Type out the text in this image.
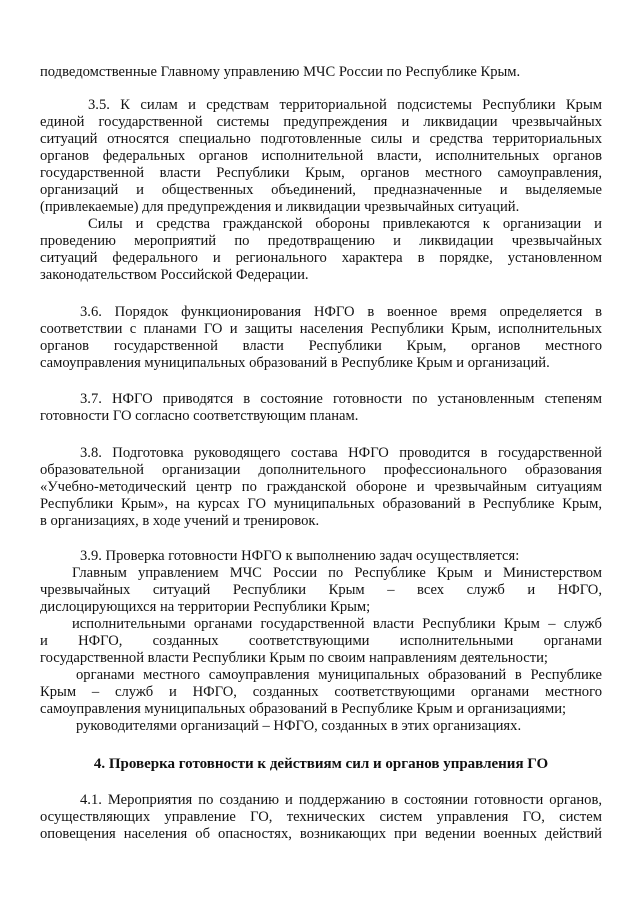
подведомственные Главному управлению МЧС России по Республике Крым.
3.5. К силам и средствам территориальной подсистемы Республики Крым
единой государственной системы предупреждения и ликвидации чрезвычайных
ситуаций относятся специально подготовленные силы и средства территориальных
органов федеральных органов исполнительной власти, исполнительных органов
государственной власти Республики Крым, органов местного самоуправления,
организаций и общественных объединений, предназначенные и выделяемые
(привлекаемые) для предупреждения и ликвидации чрезвычайных ситуаций.
Силы и средства гражданской обороны привлекаются к организации и
проведению мероприятий по предотвращению и ликвидации чрезвычайных
ситуаций федерального и регионального характера в порядке, установленном
законодательством Российской Федерации.
3.6. Порядок функционирования НФГО в военное время определяется в
соответствии с планами ГО и защиты населения Республики Крым, исполнительных
органов государственной власти Республики Крым, органов местного
самоуправления муниципальных образований в Республике Крым и организаций.
3.7. НФГО приводятся в состояние готовности по установленным степеням
готовности ГО согласно соответствующим планам.
3.8. Подготовка руководящего состава НФГО проводится в государственной
образовательной организации дополнительного профессионального образования
«Учебно-методический центр по гражданской обороне и чрезвычайным ситуациям
Республики Крым», на курсах ГО муниципальных образований в Республике Крым,
в организациях, в ходе учений и тренировок.
3.9. Проверка готовности НФГО к выполнению задач осуществляется:
Главным управлением МЧС России по Республике Крым и Министерством
чрезвычайных ситуаций Республики Крым – всех служб и НФГО,
дислоцирующихся на территории Республики Крым;
исполнительными органами государственной власти Республики Крым – служб
и НФГО, созданных соответствующими исполнительными органами
государственной власти Республики Крым по своим направлениям деятельности;
органами местного самоуправления муниципальных образований в Республике
Крым – служб и НФГО, созданных соответствующими органами местного
самоуправления муниципальных образований в Республике Крым и организациями;
руководителями организаций – НФГО, созданных в этих организациях.
4. Проверка готовности к действиям сил и органов управления ГО
4.1. Мероприятия по созданию и поддержанию в состоянии готовности органов,
осуществляющих управление ГО, технических систем управления ГО, систем
оповещения населения об опасностях, возникающих при ведении военных действий
